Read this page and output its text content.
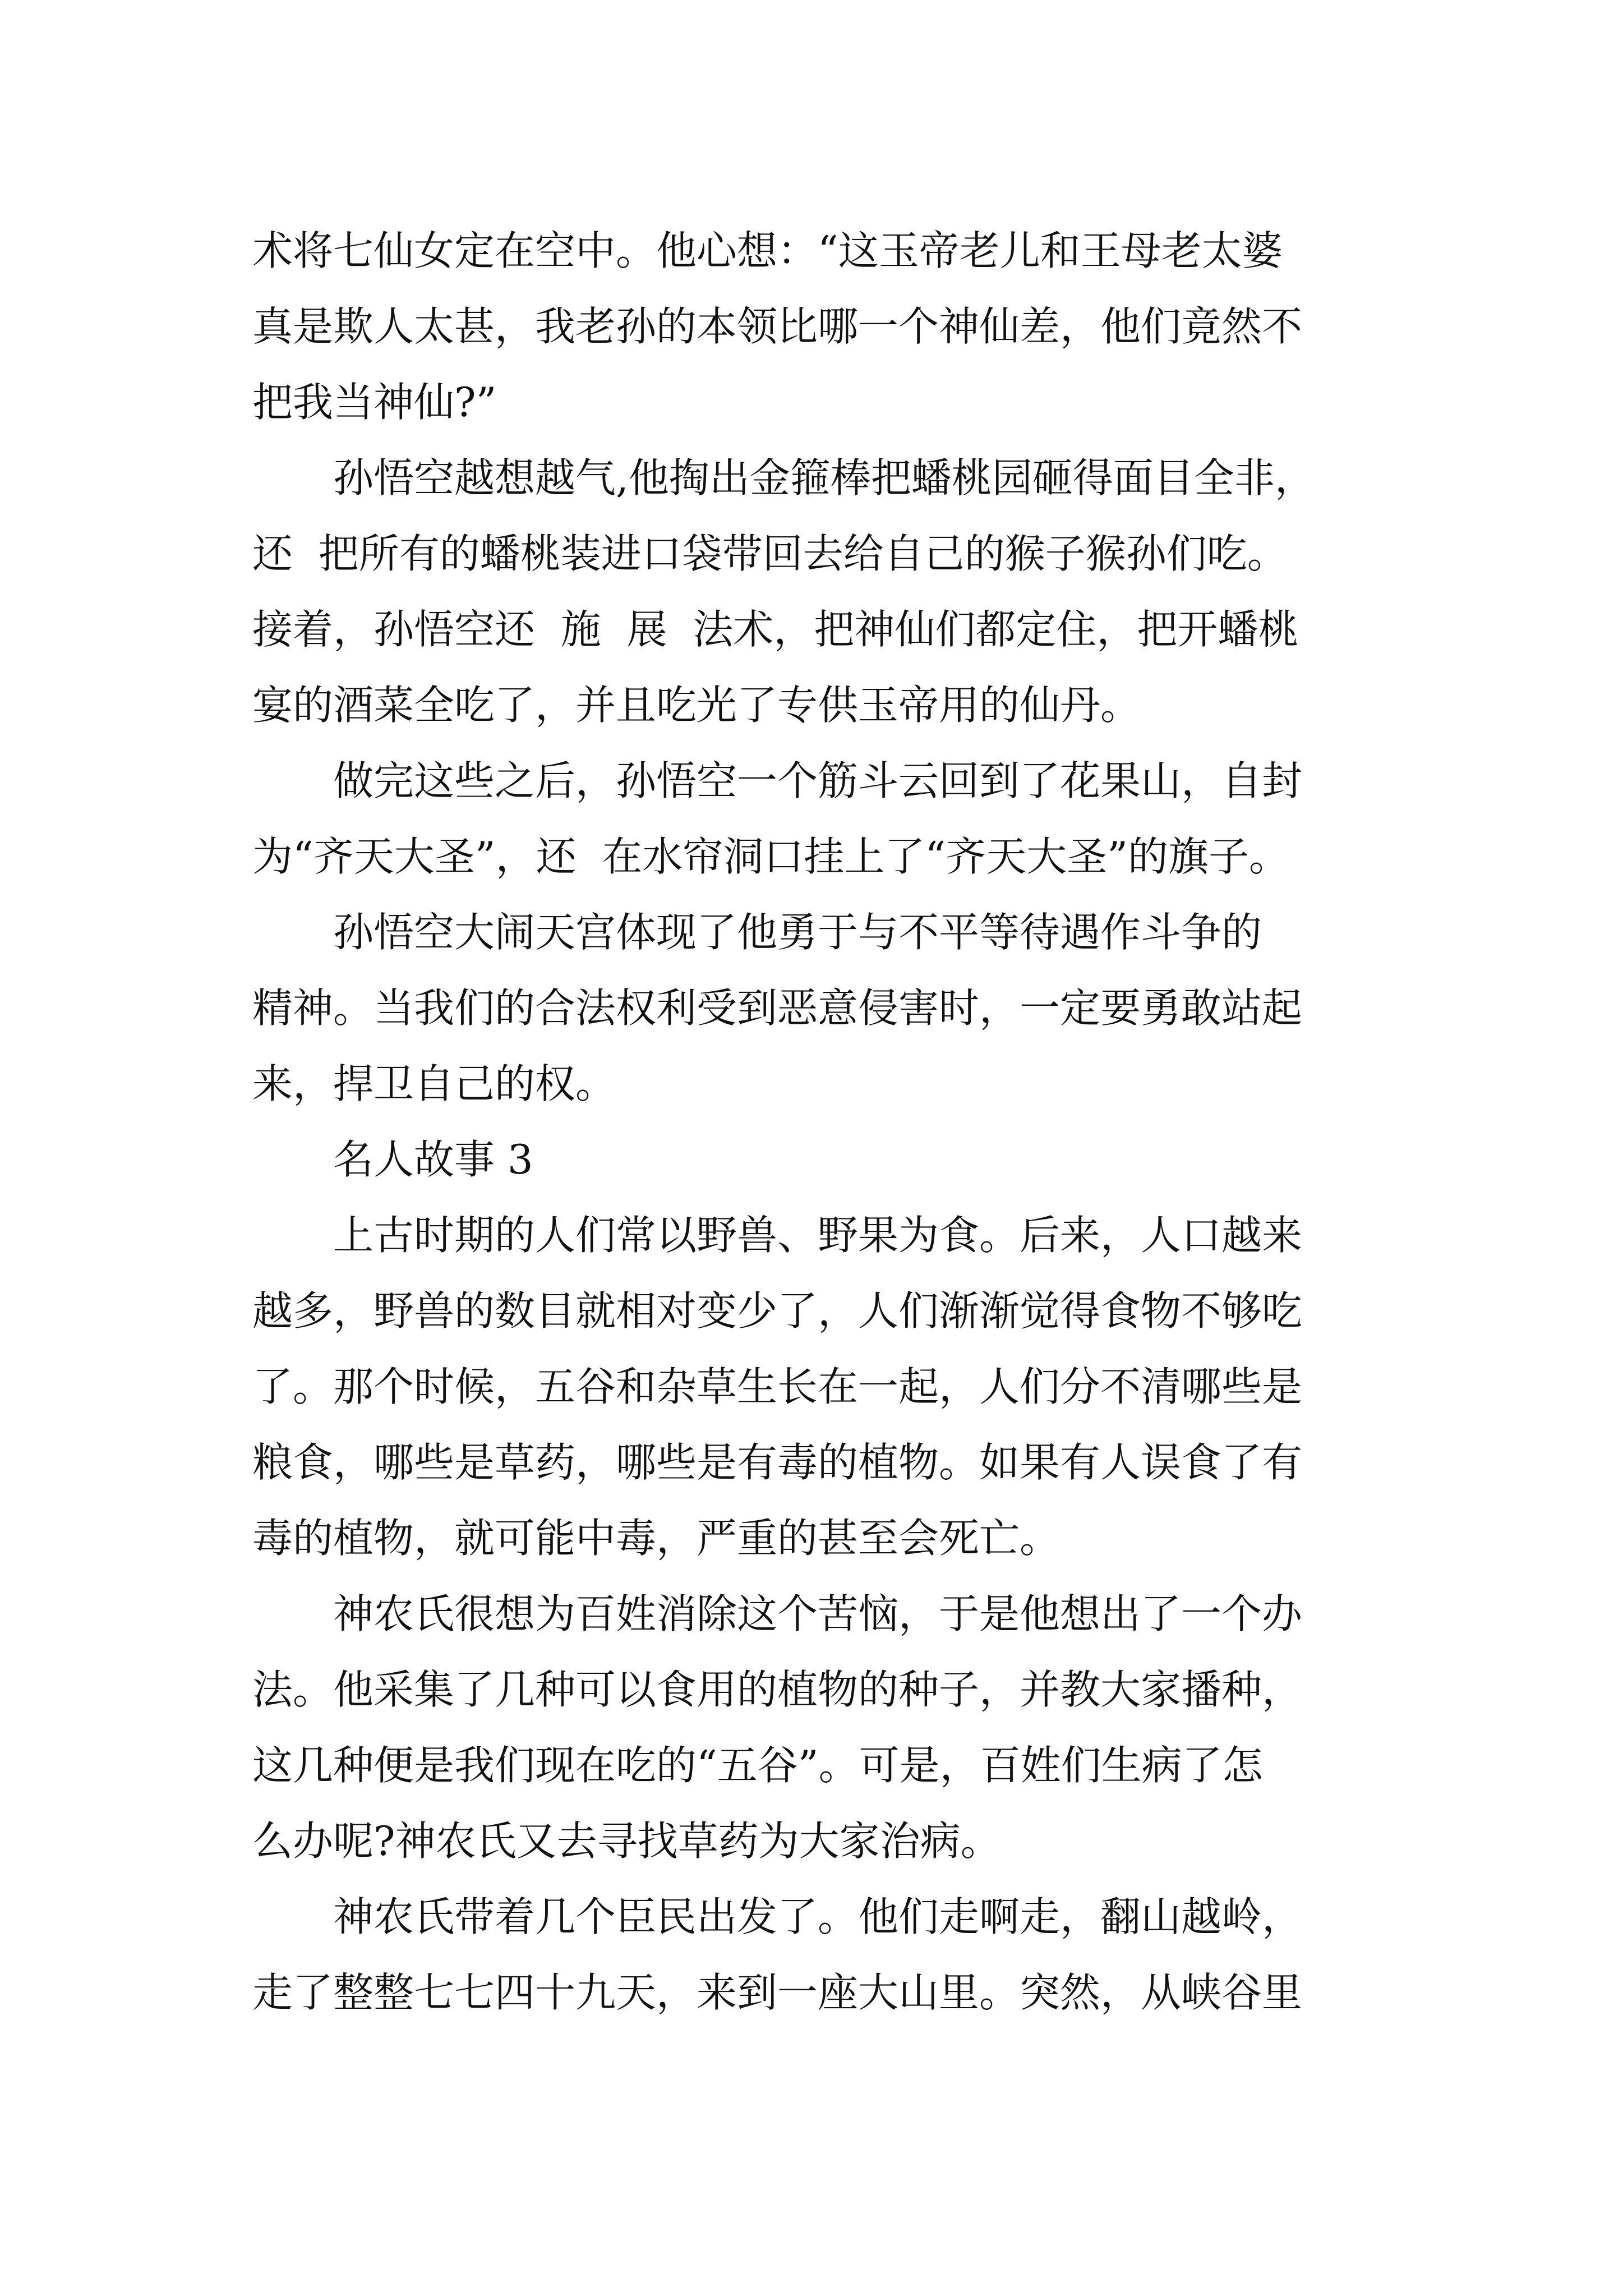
术将七仙女定在空中。他心想：“这玉帝老儿和王母老太婆
真是欺人太甚，我老孙的本领比哪一个神仙差，他们竟然不
把我当神仙?”
孙悟空越想越气,他掏出金箍棒把蟠桃园砸得面目全非，
还  把所有的蟠桃装进口袋带回去给自己的猴子猴孙们吃。
接着，孙悟空还  施  展  法术，把神仙们都定住，把开蟠桃
宴的酒菜全吃了，并且吃光了专供玉帝用的仙丹。
做完这些之后，孙悟空一个筋斗云回到了花果山，自封
为“齐天大圣”，还  在水帘洞口挂上了“齐天大圣”的旗子。
孙悟空大闹天宫体现了他勇于与不平等待遇作斗争的
精神。当我们的合法权利受到恶意侵害时，一定要勇敢站起
来，捍卫自己的权。
名人故事 3
上古时期的人们常以野兽、野果为食。后来，人口越来
越多，野兽的数目就相对变少了，人们渐渐觉得食物不够吃
了。那个时候，五谷和杂草生长在一起，人们分不清哪些是
粮食，哪些是草药，哪些是有毒的植物。如果有人误食了有
毒的植物，就可能中毒，严重的甚至会死亡。
神农氏很想为百姓消除这个苦恼，于是他想出了一个办
法。他采集了几种可以食用的植物的种子，并教大家播种，
这几种便是我们现在吃的“五谷”。可是，百姓们生病了怎
么办呢?神农氏又去寻找草药为大家治病。
神农氏带着几个臣民出发了。他们走啊走，翻山越岭，
走了整整七七四十九天，来到一座大山里。突然，从峡谷里
